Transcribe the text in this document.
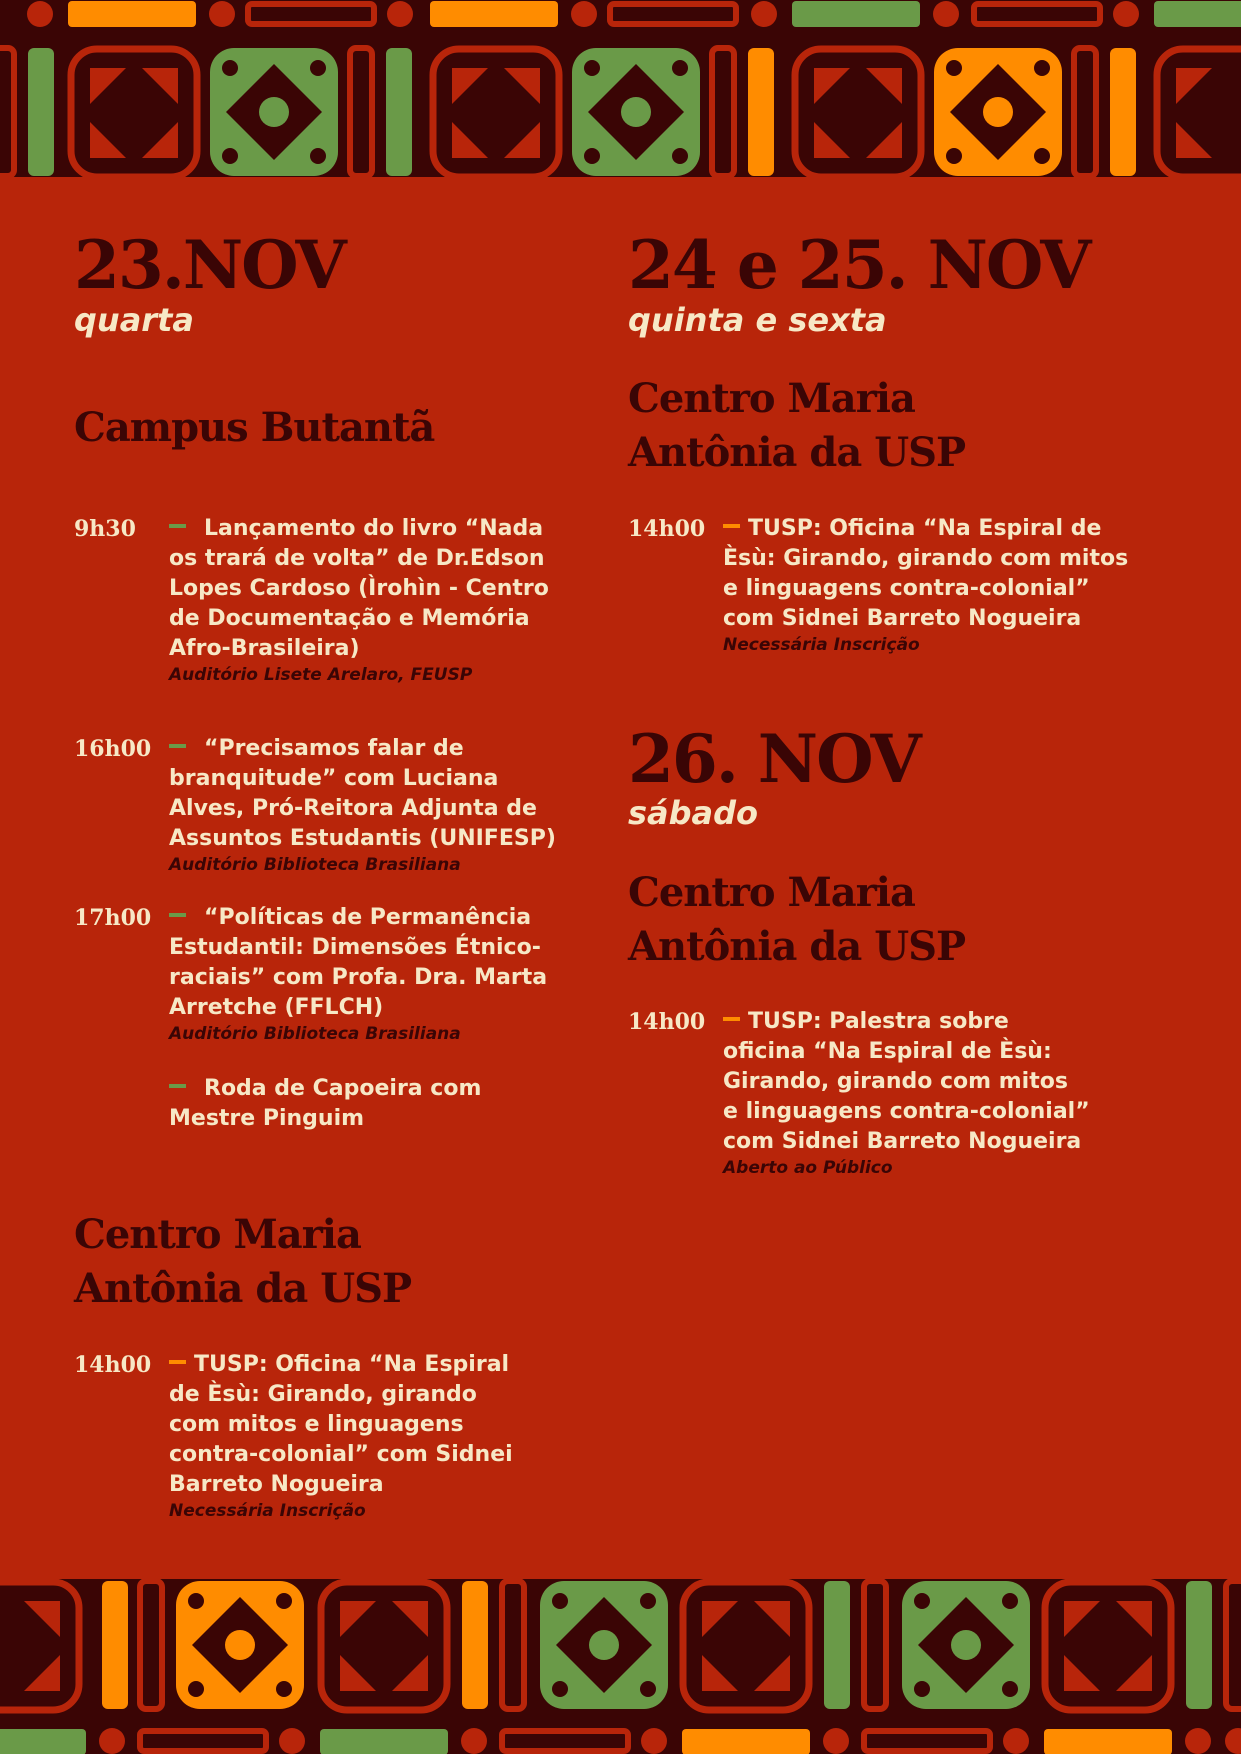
23.NOV
quarta
Campus Butantã
9h30	Lançamento do livro “Nada
os trará de volta” de Dr.Edson
Lopes Cardoso (Ìrohìn - Centro
de Documentação e Memória
Afro-Brasileira)
Auditório Lisete Arelaro, FEUSP
16h00	“Precisamos falar de
branquitude” com Luciana
Alves, Pró-Reitora Adjunta de
Assuntos Estudantis (UNIFESP)
Auditório Biblioteca Brasiliana
17h00	“Políticas de Permanência
Estudantil: Dimensões Étnico-
raciais” com Profa. Dra. Marta
Arretche (FFLCH)
Auditório Biblioteca Brasiliana
Roda de Capoeira com
Mestre Pinguim
Centro Maria
Antônia da USP
14h00	TUSP: Oficina “Na Espiral
de Èsù: Girando, girando
com mitos e linguagens
contra-colonial” com Sidnei
Barreto Nogueira
Necessária Inscrição
24 e 25. NOV
quinta e sexta
Centro Maria
Antônia da USP
14h00	TUSP: Oficina “Na Espiral de
Èsù: Girando, girando com mitos
e linguagens contra-colonial”
com Sidnei Barreto Nogueira
Necessária Inscrição
26. NOV
sábado
Centro Maria
Antônia da USP
14h00	TUSP: Palestra sobre
oficina “Na Espiral de Èsù:
Girando, girando com mitos
e linguagens contra-colonial”
com Sidnei Barreto Nogueira
Aberto ao Público
